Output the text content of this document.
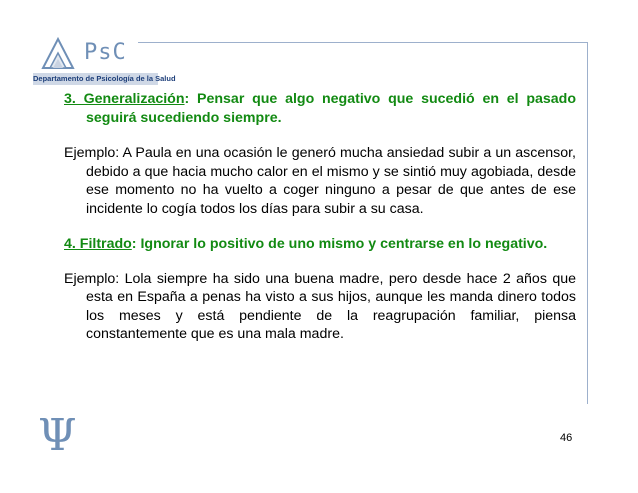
PsC
Departamento de Psicología de la Salud

3. Generalización: Pensar que algo negativo que sucedió en el pasado seguirá sucediendo siempre.

Ejemplo: A Paula en una ocasión le generó mucha ansiedad subir a un ascensor, debido a que hacia mucho calor en el mismo y se sintió muy agobiada, desde ese momento no ha vuelto a coger ninguno a pesar de que antes de ese incidente lo cogía todos los días para subir a su casa.

4. Filtrado: Ignorar lo positivo de uno mismo y centrarse en lo negativo.

Ejemplo: Lola siempre ha sido una buena madre, pero desde hace 2 años que esta en España a penas ha visto a sus hijos, aunque les manda dinero todos los meses y está pendiente de la reagrupación familiar, piensa constantemente que es una mala madre.

Ψ	46
